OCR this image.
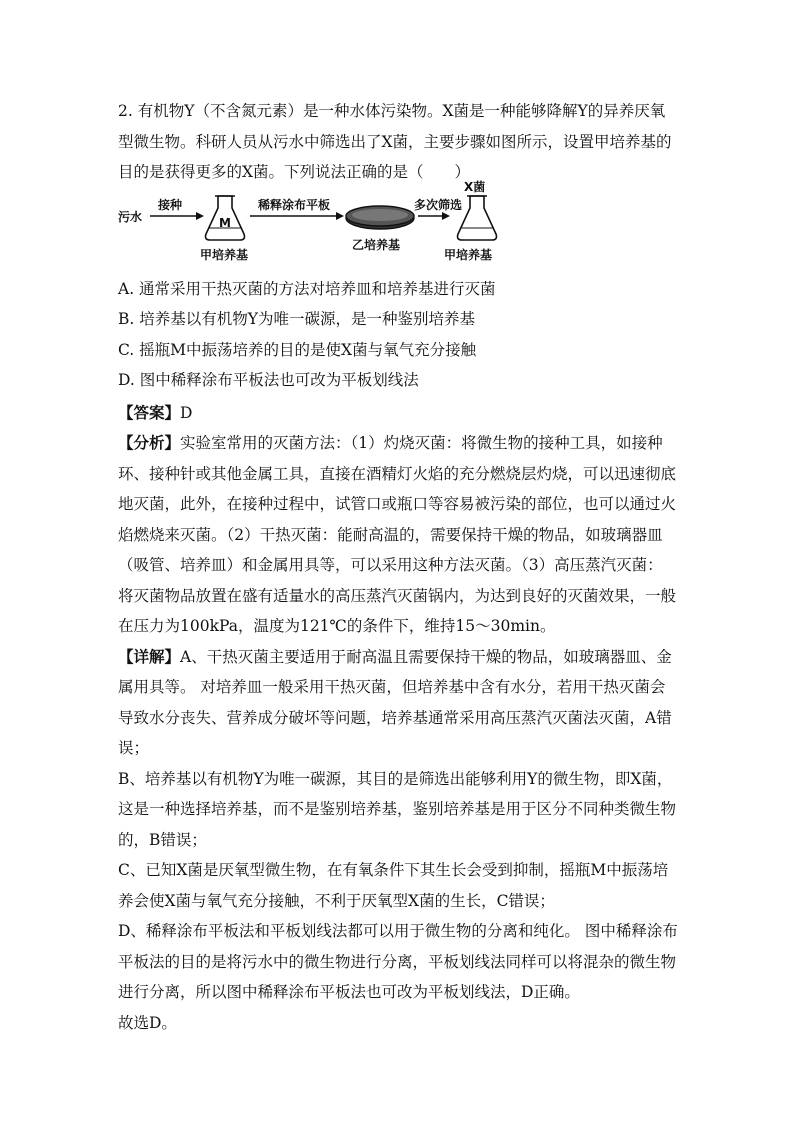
2. 有机物Y（不含氮元素）是一种水体污染物。X菌是一种能够降解Y的异养厌氧型微生物。科研人员从污水中筛选出了X菌，主要步骤如图所示，设置甲培养基的目的是获得更多的X菌。下列说法正确的是（　　）

污水
接种
M
甲培养基
稀释涂布平板
乙培养基
甲培养基
X菌
多次筛选

A. 通常采用干热灭菌的方法对培养皿和培养基进行灭菌

B. 培养基以有机物Y为唯一碳源，是一种鉴别培养基

C. 摇瓶M中振荡培养的目的是使X菌与氧气充分接触

D. 图中稀释涂布平板法也可改为平板划线法

【答案】D

【分析】实验室常用的灭菌方法：（1）灼烧灭菌：将微生物的接种工具，如接种环、接种针或其他金属工具，直接在酒精灯火焰的充分燃烧层灼烧，可以迅速彻底地灭菌，此外，在接种过程中，试管口或瓶口等容易被污染的部位，也可以通过火焰燃烧来灭菌。（2）干热灭菌：能耐高温的，需要保持干燥的物品，如玻璃器皿（吸管、培养皿）和金属用具等，可以采用这种方法灭菌。（3）高压蒸汽灭菌：将灭菌物品放置在盛有适量水的高压蒸汽灭菌锅内，为达到良好的灭菌效果，一般在压力为100kPa，温度为121℃的条件下，维持15～30min。

【详解】A、干热灭菌主要适用于耐高温且需要保持干燥的物品，如玻璃器皿、金属用具等。 对培养皿一般采用干热灭菌，但培养基中含有水分，若用干热灭菌会导致水分丧失、营养成分破坏等问题，培养基通常采用高压蒸汽灭菌法灭菌，A错误；

B、培养基以有机物Y为唯一碳源，其目的是筛选出能够利用Y的微生物，即X菌，这是一种选择培养基，而不是鉴别培养基，鉴别培养基是用于区分不同种类微生物的，B错误；

C、已知X菌是厌氧型微生物，在有氧条件下其生长会受到抑制，摇瓶M中振荡培养会使X菌与氧气充分接触，不利于厌氧型X菌的生长，C错误；

D、稀释涂布平板法和平板划线法都可以用于微生物的分离和纯化。 图中稀释涂布平板法的目的是将污水中的微生物进行分离，平板划线法同样可以将混杂的微生物进行分离，所以图中稀释涂布平板法也可改为平板划线法，D正确。

故选D。
